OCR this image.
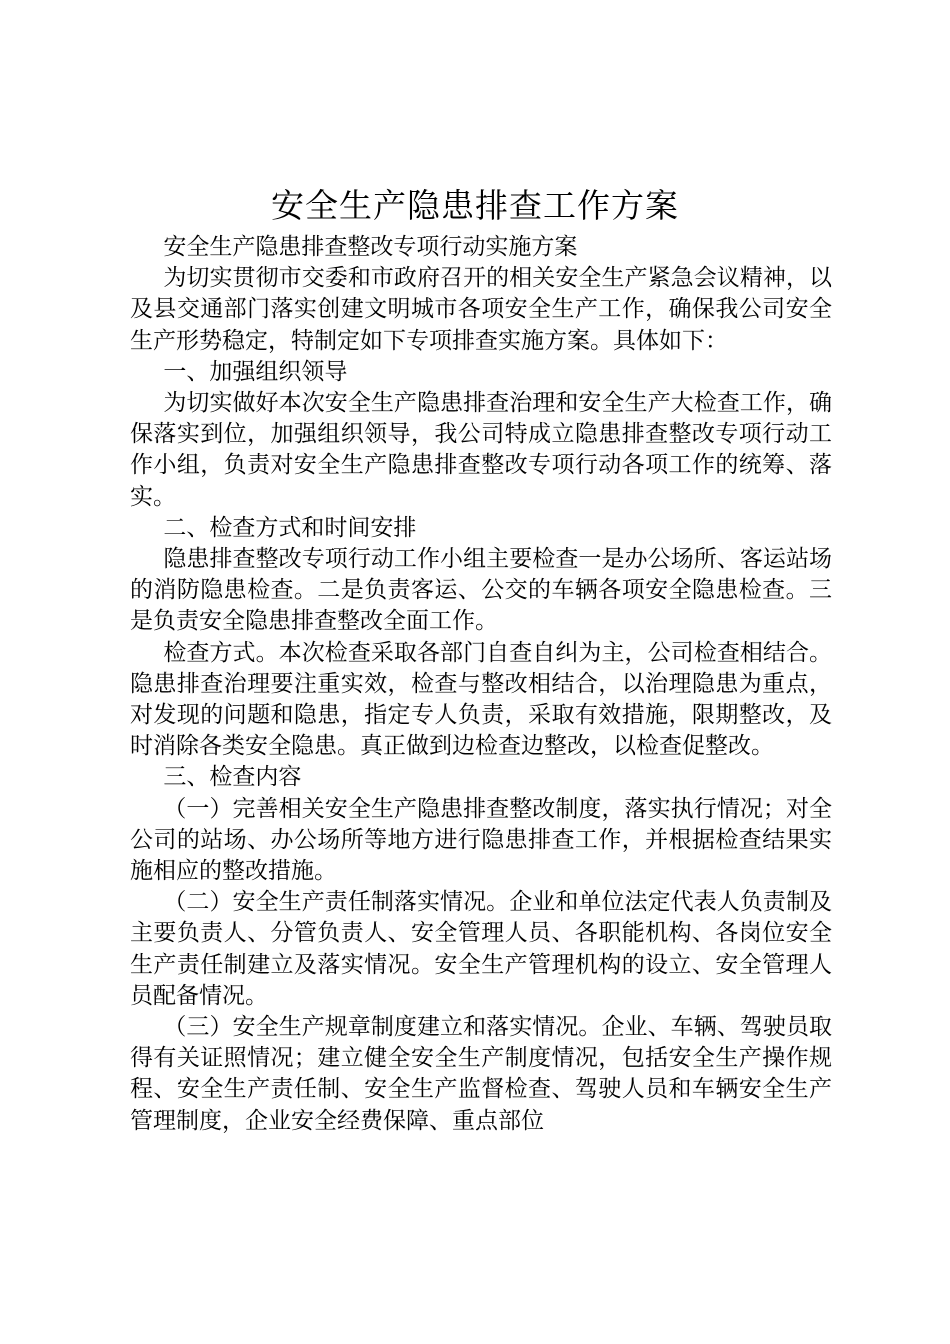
安全生产隐患排查工作方案

安全生产隐患排查整改专项行动实施方案

为切实贯彻市交委和市政府召开的相关安全生产紧急会议精神，以及县交通部门落实创建文明城市各项安全生产工作，确保我公司安全生产形势稳定，特制定如下专项排查实施方案。具体如下：

一、加强组织领导

为切实做好本次安全生产隐患排查治理和安全生产大检查工作，确保落实到位，加强组织领导，我公司特成立隐患排查整改专项行动工作小组，负责对安全生产隐患排查整改专项行动各项工作的统筹、落实。

二、检查方式和时间安排

隐患排查整改专项行动工作小组主要检查一是办公场所、客运站场的消防隐患检查。二是负责客运、公交的车辆各项安全隐患检查。三是负责安全隐患排查整改全面工作。

检查方式。本次检查采取各部门自查自纠为主，公司检查相结合。隐患排查治理要注重实效，检查与整改相结合，以治理隐患为重点，对发现的问题和隐患，指定专人负责，采取有效措施，限期整改，及时消除各类安全隐患。真正做到边检查边整改，以检查促整改。

三、检查内容

（一）完善相关安全生产隐患排查整改制度，落实执行情况；对全公司的站场、办公场所等地方进行隐患排查工作，并根据检查结果实施相应的整改措施。

（二）安全生产责任制落实情况。企业和单位法定代表人负责制及主要负责人、分管负责人、安全管理人员、各职能机构、各岗位安全生产责任制建立及落实情况。安全生产管理机构的设立、安全管理人员配备情况。

（三）安全生产规章制度建立和落实情况。企业、车辆、驾驶员取得有关证照情况；建立健全安全生产制度情况，包括安全生产操作规程、安全生产责任制、安全生产监督检查、驾驶人员和车辆安全生产管理制度，企业安全经费保障、重点部位
